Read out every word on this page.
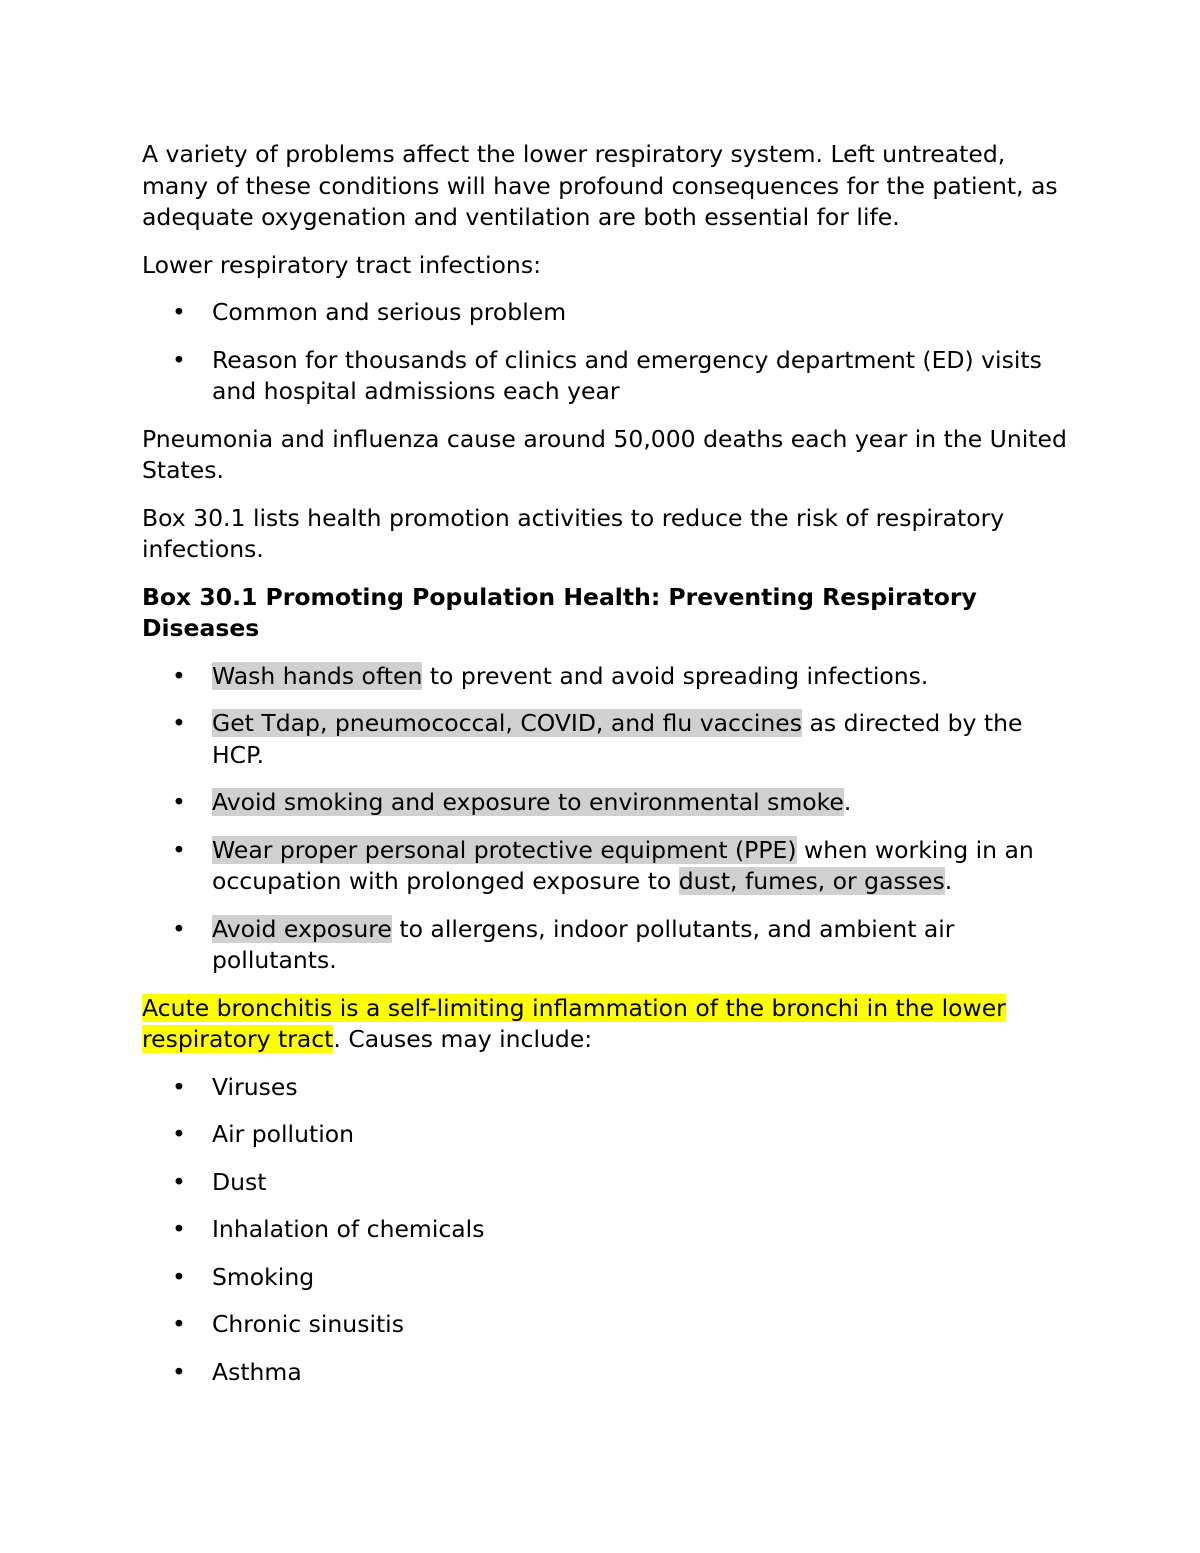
A variety of problems affect the lower respiratory system. Left untreated, many of these conditions will have profound consequences for the patient, as adequate oxygenation and ventilation are both essential for life.

Lower respiratory tract infections:

• Common and serious problem
• Reason for thousands of clinics and emergency department (ED) visits and hospital admissions each year

Pneumonia and influenza cause around 50,000 deaths each year in the United States.

Box 30.1 lists health promotion activities to reduce the risk of respiratory infections.

Box 30.1 Promoting Population Health: Preventing Respiratory Diseases

• Wash hands often to prevent and avoid spreading infections.
• Get Tdap, pneumococcal, COVID, and flu vaccines as directed by the HCP.
• Avoid smoking and exposure to environmental smoke.
• Wear proper personal protective equipment (PPE) when working in an occupation with prolonged exposure to dust, fumes, or gasses.
• Avoid exposure to allergens, indoor pollutants, and ambient air pollutants.

Acute bronchitis is a self-limiting inflammation of the bronchi in the lower respiratory tract. Causes may include:

• Viruses
• Air pollution
• Dust
• Inhalation of chemicals
• Smoking
• Chronic sinusitis
• Asthma
